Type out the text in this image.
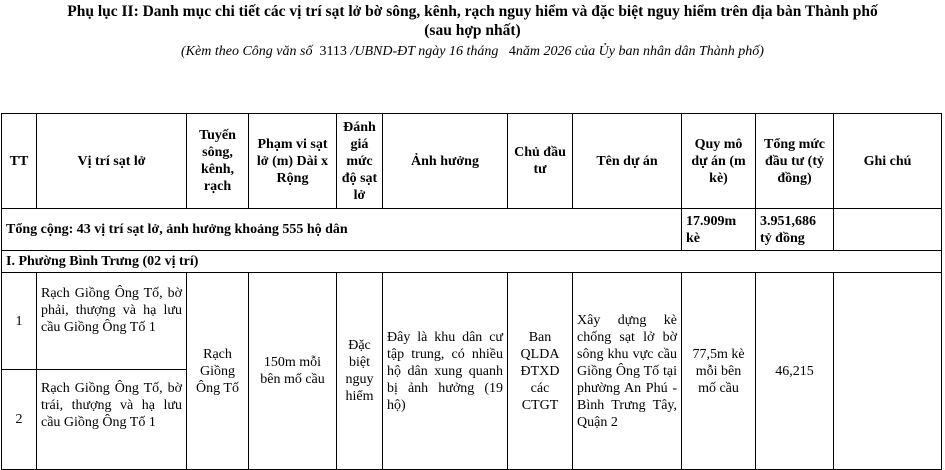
Phụ lục II: Danh mục chi tiết các vị trí sạt lở bờ sông, kênh, rạch nguy hiểm và đặc biệt nguy hiểm trên địa bàn Thành phố
(sau hợp nhất)
(Kèm theo Công văn số 3113 /UBND-ĐT ngày 16 tháng 4năm 2026 của Ủy ban nhân dân Thành phố)
TT	Vị trí sạt lở	Tuyến sông, kênh, rạch	Phạm vi sạt lở (m) Dài x Rộng	Đánh giá mức độ sạt lở	Ảnh hưởng	Chủ đầu tư	Tên dự án	Quy mô dự án (m kè)	Tổng mức đầu tư (tỷ đồng)	Ghi chú
Tổng cộng: 43 vị trí sạt lở, ảnh hưởng khoảng 555 hộ dân								17.909m kè	3.951,686 tỷ đồng	
I. Phường Bình Trưng (02 vị trí)										
1	Rạch Giồng Ông Tố, bờ phải, thượng và hạ lưu cầu Giồng Ông Tố 1	Rạch Giồng Ông Tố	150m mỗi bên mố cầu	Đặc biệt nguy hiểm	Đây là khu dân cư tập trung, có nhiều hộ dân xung quanh bị ảnh hưởng (19 hộ)	Ban QLDA ĐTXD các CTGT	Xây dựng kè chống sạt lở bờ sông khu vực cầu Giồng Ông Tố tại phường An Phú - Bình Trưng Tây, Quận 2	77,5m kè mỗi bên mố cầu	46,215	
2	Rạch Giồng Ông Tố, bờ trái, thượng và hạ lưu cầu Giồng Ông Tố 1									
